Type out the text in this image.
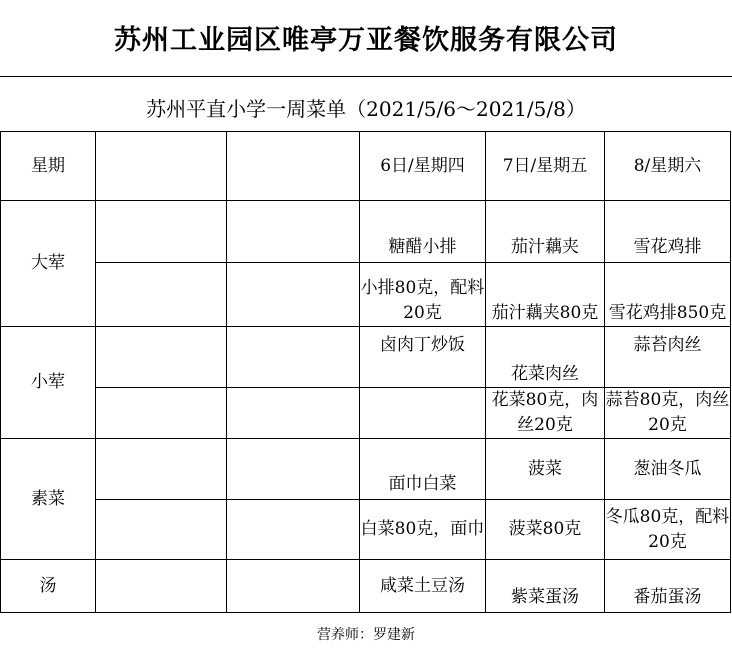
苏州工业园区唯亭万亚餐饮服务有限公司
苏州平直小学一周菜单（2021/5/6～2021/5/8）
星期			6日/星期四	7日/星期五	8/星期六
大荤			糖醋小排	茄汁藕夹	雪花鸡排
			小排80克，配料20克	茄汁藕夹80克	雪花鸡排850克
小荤			卤肉丁炒饭	花菜肉丝	蒜苔肉丝
				花菜80克，肉丝20克	蒜苔80克，肉丝20克
素菜			面巾白菜	菠菜	葱油冬瓜
			白菜80克，面巾	菠菜80克	冬瓜80克，配料20克
汤			咸菜土豆汤	紫菜蛋汤	番茄蛋汤
营养师：罗建新
